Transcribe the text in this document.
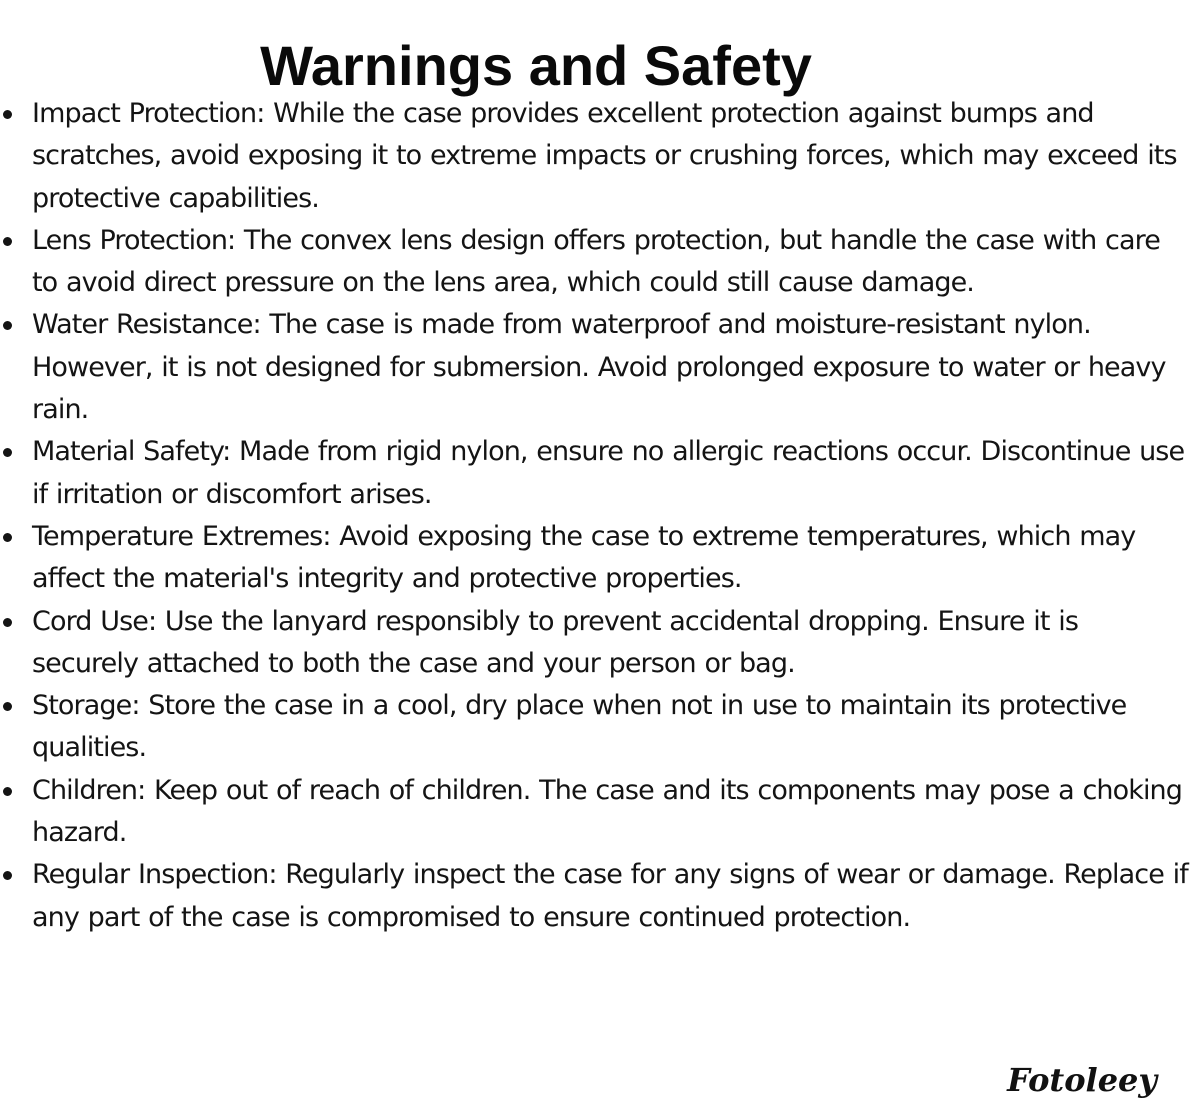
Warnings and Safety
Impact Protection: While the case provides excellent protection against bumps and scratches, avoid exposing it to extreme impacts or crushing forces, which may exceed its protective capabilities.
Lens Protection: The convex lens design offers protection, but handle the case with care to avoid direct pressure on the lens area, which could still cause damage.
Water Resistance: The case is made from waterproof and moisture-resistant nylon. However, it is not designed for submersion. Avoid prolonged exposure to water or heavy rain.
Material Safety: Made from rigid nylon, ensure no allergic reactions occur. Discontinue use if irritation or discomfort arises.
Temperature Extremes: Avoid exposing the case to extreme temperatures, which may affect the material's integrity and protective properties.
Cord Use: Use the lanyard responsibly to prevent accidental dropping. Ensure it is securely attached to both the case and your person or bag.
Storage: Store the case in a cool, dry place when not in use to maintain its protective qualities.
Children: Keep out of reach of children. The case and its components may pose a choking hazard.
Regular Inspection: Regularly inspect the case for any signs of wear or damage. Replace if any part of the case is compromised to ensure continued protection.
Fotoleey
